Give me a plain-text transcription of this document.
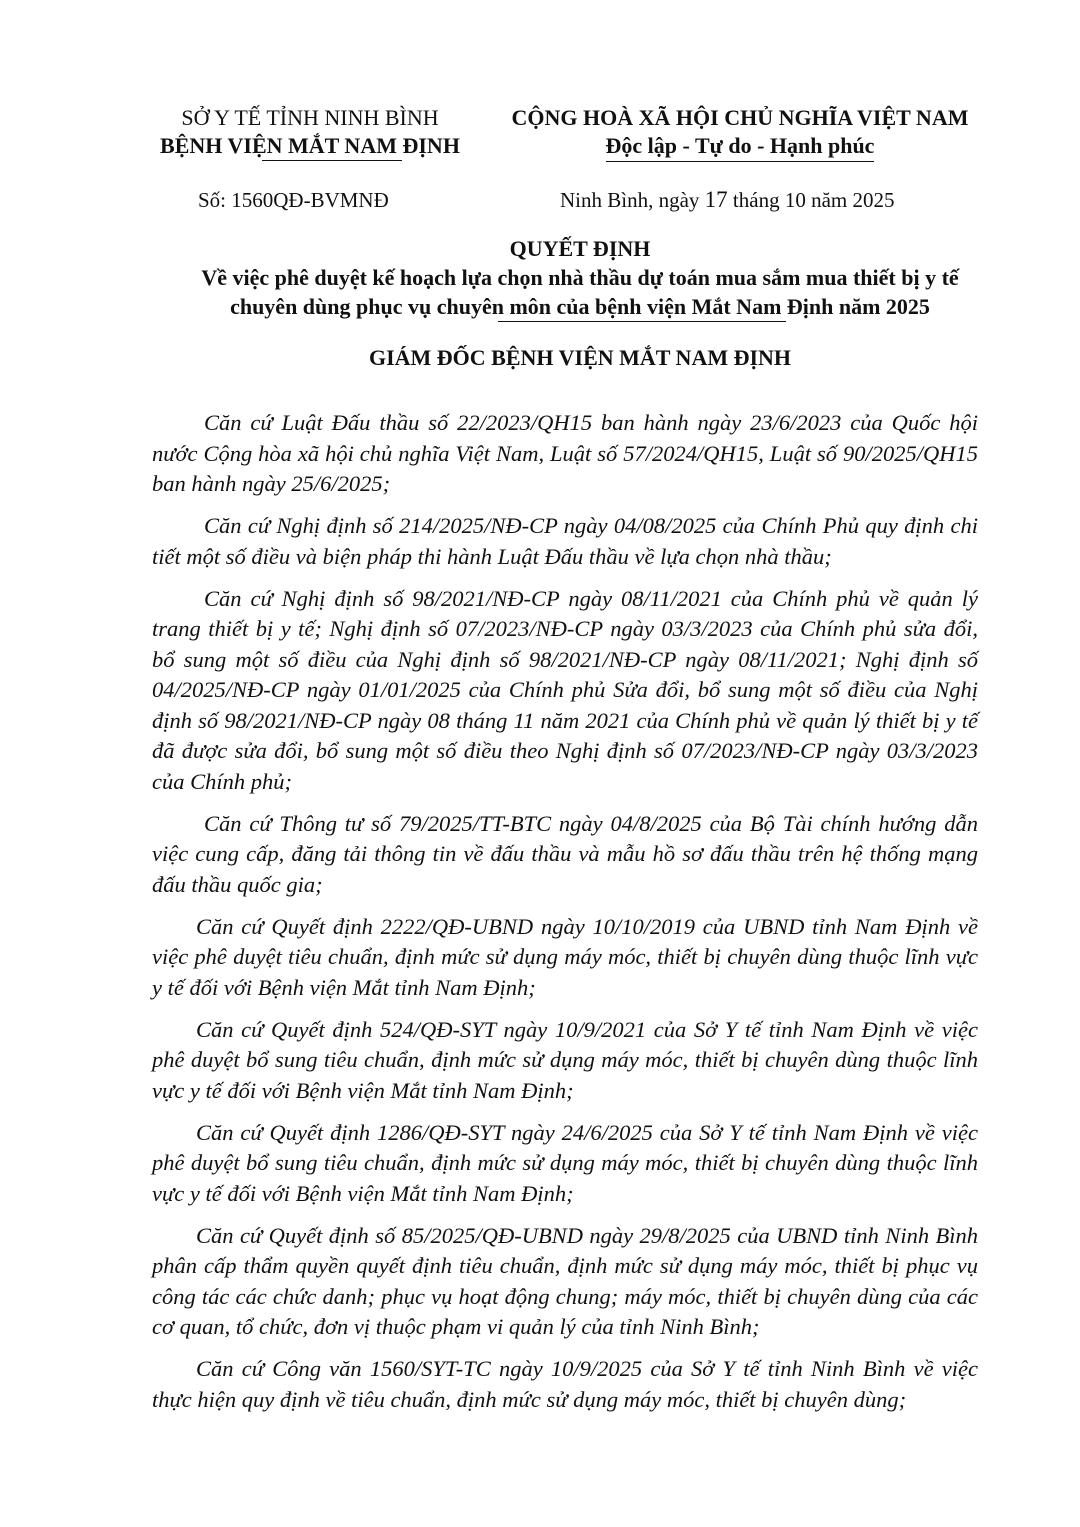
SỞ Y TẾ TỈNH NINH BÌNH
BỆNH VIỆN MẮT NAM ĐỊNH
CỘNG HOÀ XÃ HỘI CHỦ NGHĨA VIỆT NAM
Độc lập - Tự do - Hạnh phúc
Số: 1560QĐ-BVMNĐ	Ninh Bình, ngày 17 tháng 10 năm 2025
QUYẾT ĐỊNH
Về việc phê duyệt kế hoạch lựa chọn nhà thầu dự toán mua sắm mua thiết bị y tế
chuyên dùng phục vụ chuyên môn của bệnh viện Mắt Nam Định năm 2025
GIÁM ĐỐC BỆNH VIỆN MẮT NAM ĐỊNH

Căn cứ Luật Đấu thầu số 22/2023/QH15 ban hành ngày 23/6/2023 của Quốc hội nước Cộng hòa xã hội chủ nghĩa Việt Nam, Luật số 57/2024/QH15, Luật số 90/2025/QH15 ban hành ngày 25/6/2025;

Căn cứ Nghị định số 214/2025/NĐ-CP ngày 04/08/2025 của Chính Phủ quy định chi tiết một số điều và biện pháp thi hành Luật Đấu thầu về lựa chọn nhà thầu;

Căn cứ Nghị định số 98/2021/NĐ-CP ngày 08/11/2021 của Chính phủ về quản lý trang thiết bị y tế; Nghị định số 07/2023/NĐ-CP ngày 03/3/2023 của Chính phủ sửa đổi, bổ sung một số điều của Nghị định số 98/2021/NĐ-CP ngày 08/11/2021; Nghị định số 04/2025/NĐ-CP ngày 01/01/2025 của Chính phủ Sửa đổi, bổ sung một số điều của Nghị định số 98/2021/NĐ-CP ngày 08 tháng 11 năm 2021 của Chính phủ về quản lý thiết bị y tế đã được sửa đổi, bổ sung một số điều theo Nghị định số 07/2023/NĐ-CP ngày 03/3/2023 của Chính phủ;

Căn cứ Thông tư số 79/2025/TT-BTC ngày 04/8/2025 của Bộ Tài chính hướng dẫn việc cung cấp, đăng tải thông tin về đấu thầu và mẫu hồ sơ đấu thầu trên hệ thống mạng đấu thầu quốc gia;

Căn cứ Quyết định 2222/QĐ-UBND ngày 10/10/2019 của UBND tỉnh Nam Định về việc phê duyệt tiêu chuẩn, định mức sử dụng máy móc, thiết bị chuyên dùng thuộc lĩnh vực y tế đối với Bệnh viện Mắt tỉnh Nam Định;

Căn cứ Quyết định 524/QĐ-SYT ngày 10/9/2021 của Sở Y tế tỉnh Nam Định về việc phê duyệt bổ sung tiêu chuẩn, định mức sử dụng máy móc, thiết bị chuyên dùng thuộc lĩnh vực y tế đối với Bệnh viện Mắt tỉnh Nam Định;

Căn cứ Quyết định 1286/QĐ-SYT ngày 24/6/2025 của Sở Y tế tỉnh Nam Định về việc phê duyệt bổ sung tiêu chuẩn, định mức sử dụng máy móc, thiết bị chuyên dùng thuộc lĩnh vực y tế đối với Bệnh viện Mắt tỉnh Nam Định;

Căn cứ Quyết định số 85/2025/QĐ-UBND ngày 29/8/2025 của UBND tỉnh Ninh Bình phân cấp thẩm quyền quyết định tiêu chuẩn, định mức sử dụng máy móc, thiết bị phục vụ công tác các chức danh; phục vụ hoạt động chung; máy móc, thiết bị chuyên dùng của các cơ quan, tổ chức, đơn vị thuộc phạm vi quản lý của tỉnh Ninh Bình;

Căn cứ Công văn 1560/SYT-TC ngày 10/9/2025 của Sở Y tế tỉnh Ninh Bình về việc thực hiện quy định về tiêu chuẩn, định mức sử dụng máy móc, thiết bị chuyên dùng;
